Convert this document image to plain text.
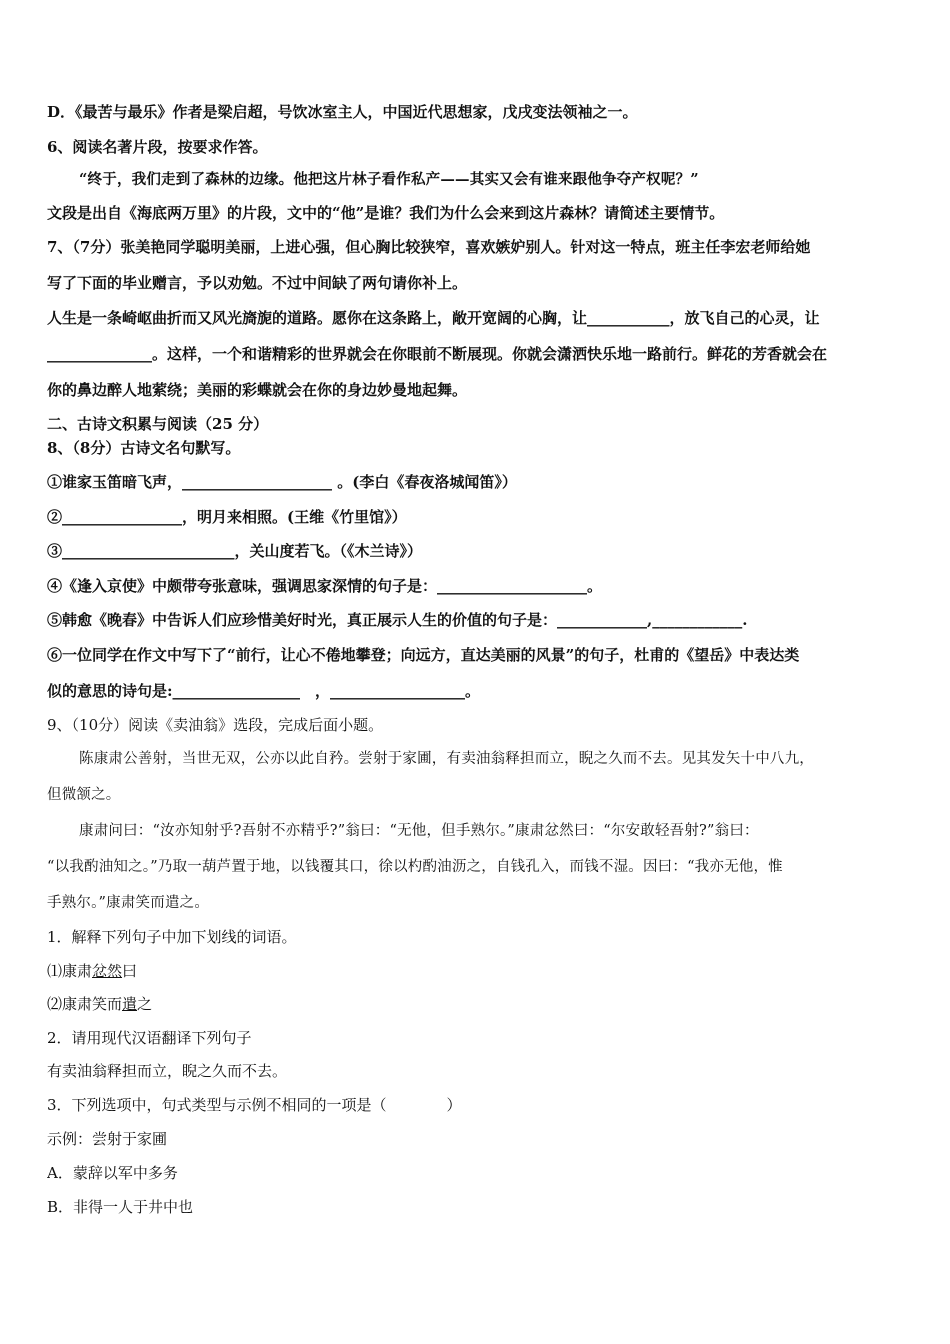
D．《最苦与最乐》作者是梁启超，号饮冰室主人，中国近代思想家，戊戌变法领袖之一。
6、阅读名著片段，按要求作答。
“终于，我们走到了森林的边缘。他把这片林子看作私产——其实又会有谁来跟他争夺产权呢？”
文段是出自《海底两万里》的片段，文中的“他”是谁？我们为什么会来到这片森林？请简述主要情节。
7、（7分）张美艳同学聪明美丽，上进心强，但心胸比较狭窄，喜欢嫉妒别人。针对这一特点，班主任李宏老师给她
写了下面的毕业赠言，予以劝勉。不过中间缺了两句请你补上。
人生是一条崎岖曲折而又风光旖旎的道路。愿你在这条路上，敞开宽阔的心胸，让___________，放飞自己的心灵，让
______________。这样，一个和谐精彩的世界就会在你眼前不断展现。你就会潇洒快乐地一路前行。鲜花的芳香就会在
你的鼻边醉人地萦绕；美丽的彩蝶就会在你的身边妙曼地起舞。
二、古诗文积累与阅读（25 分）
8、（8分）古诗文名句默写。
①谁家玉笛暗飞声，____________________ 。(李白《春夜洛城闻笛》）
②________________，明月来相照。(王维《竹里馆》）
③_______________________，关山度若飞。（《木兰诗》）
④《逢入京使》中颇带夸张意味，强调思家深情的句子是：____________________。
⑤韩愈《晚春》中告诉人们应珍惜美好时光，真正展示人生的价值的句子是：____________,____________.
⑥一位同学在作文中写下了“前行，让心不倦地攀登；向远方，直达美丽的风景”的句子，杜甫的《望岳》中表达类
似的意思的诗句是:_________________　，__________________。
9、（10分）阅读《卖油翁》选段，完成后面小题。
陈康肃公善射，当世无双，公亦以此自矜。尝射于家圃，有卖油翁释担而立，睨之久而不去。见其发矢十中八九，
但微颔之。
康肃问曰：“汝亦知射乎?吾射不亦精乎?”翁曰：“无他，但手熟尔。”康肃忿然曰：“尔安敢轻吾射?”翁曰：
“以我酌油知之。”乃取一葫芦置于地，以钱覆其口，徐以杓酌油沥之，自钱孔入，而钱不湿。因曰：“我亦无他，惟
手熟尔。”康肃笑而遣之。
1．解释下列句子中加下划线的词语。
⑴康肃忿然曰
⑵康肃笑而遣之
2．请用现代汉语翻译下列句子
有卖油翁释担而立，睨之久而不去。
3．下列选项中，句式类型与示例不相同的一项是（　　　　）
示例：尝射于家圃
A．蒙辞以军中多务
B．非得一人于井中也
